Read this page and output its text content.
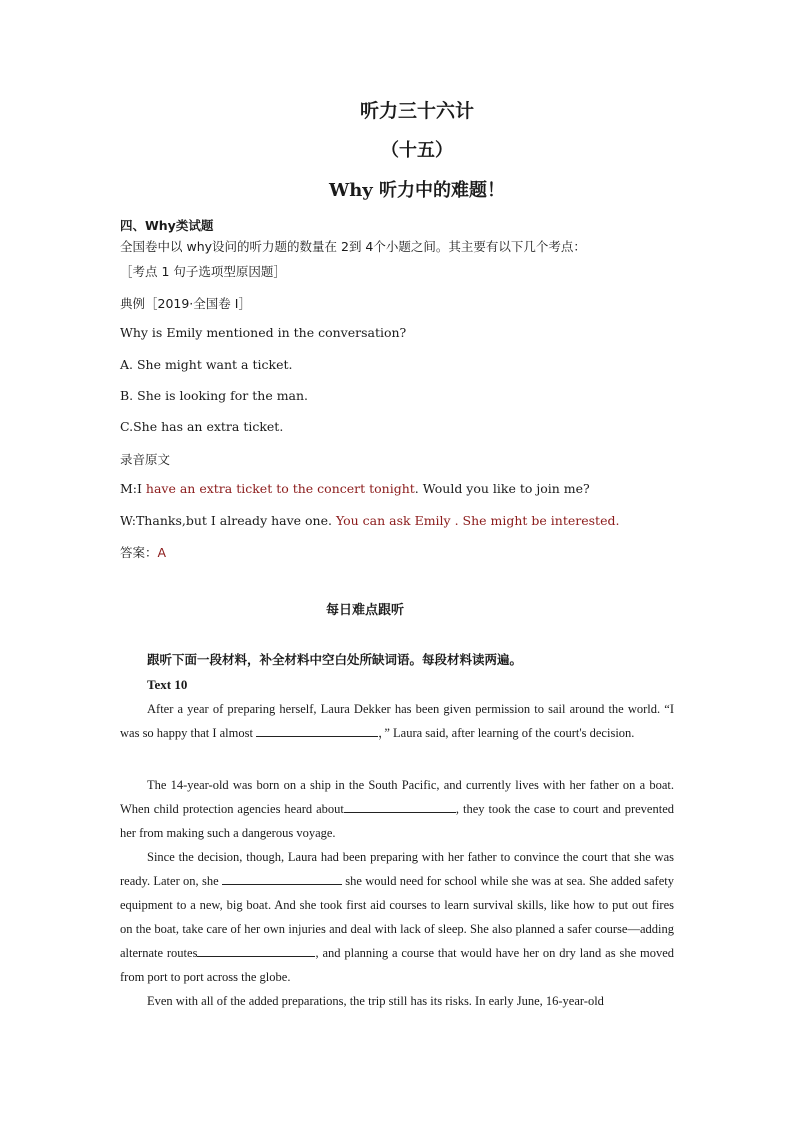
听力三十六计
（十五）
Why 听力中的难题！
四、Why类试题
全国卷中以 why设问的听力题的数量在 2到 4个小题之间。其主要有以下几个考点：
［考点 1 句子选项型原因题］
典例［2019·全国卷 I］
Why is Emily mentioned in the conversation?
A. She might want a ticket.
B. She is looking for the man.
C.She has an extra ticket.
录音原文
M:I have an extra ticket to the concert tonight. Would you like to join me?
W:Thanks,but I already have one. You can ask Emily . She might be interested.
答案：A
每日难点跟听
跟听下面一段材料，补全材料中空白处所缺词语。每段材料读两遍。
Text 10
After a year of preparing herself, Laura Dekker has been given permission to sail around the world. “I was so happy that I almost	，” Laura said, after learning of the court's decision.
The 14-year-old was born on a ship in the South Pacific, and currently lives with her father on a boat. When child protection agencies heard about	, they took the case to court and prevented her from making such a dangerous voyage.
Since the decision, though, Laura had been preparing with her father to convince the court that she was ready. Later on, she	she would need for school while she was at sea. She added safety equipment to a new, big boat. And she took first aid courses to learn survival skills, like how to put out fires on the boat, take care of her own injuries and deal with lack of sleep. She also planned a safer course—adding alternate routes	, and planning a course that would have her on dry land as she moved from port to port across the globe.
Even with all of the added preparations, the trip still has its risks. In early June, 16-year-old
